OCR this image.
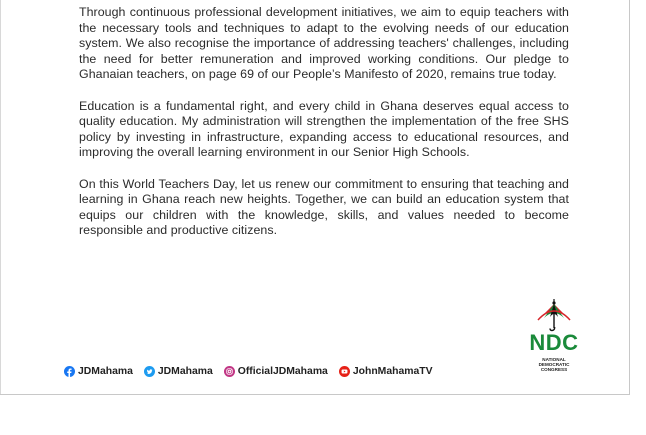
Through continuous professional development initiatives, we aim to equip teachers with the necessary tools and techniques to adapt to the evolving needs of our education system. We also recognise the importance of addressing teachers' challenges, including the need for better remuneration and improved working conditions. Our pledge to Ghanaian teachers, on page 69 of our People’s Manifesto of 2020, remains true today.

Education is a fundamental right, and every child in Ghana deserves equal access to quality education. My administration will strengthen the implementation of the free SHS policy by investing in infrastructure, expanding access to educational resources, and improving the overall learning environment in our Senior High Schools.

On this World Teachers Day, let us renew our commitment to ensuring that teaching and learning in Ghana reach new heights. Together, we can build an education system that equips our children with the knowledge, skills, and values needed to become responsible and productive citizens.

JDMahama JDMahama OfficialJDMahama JohnMahamaTV
NDC
NATIONAL
DEMOCRATIC
CONGRESS
